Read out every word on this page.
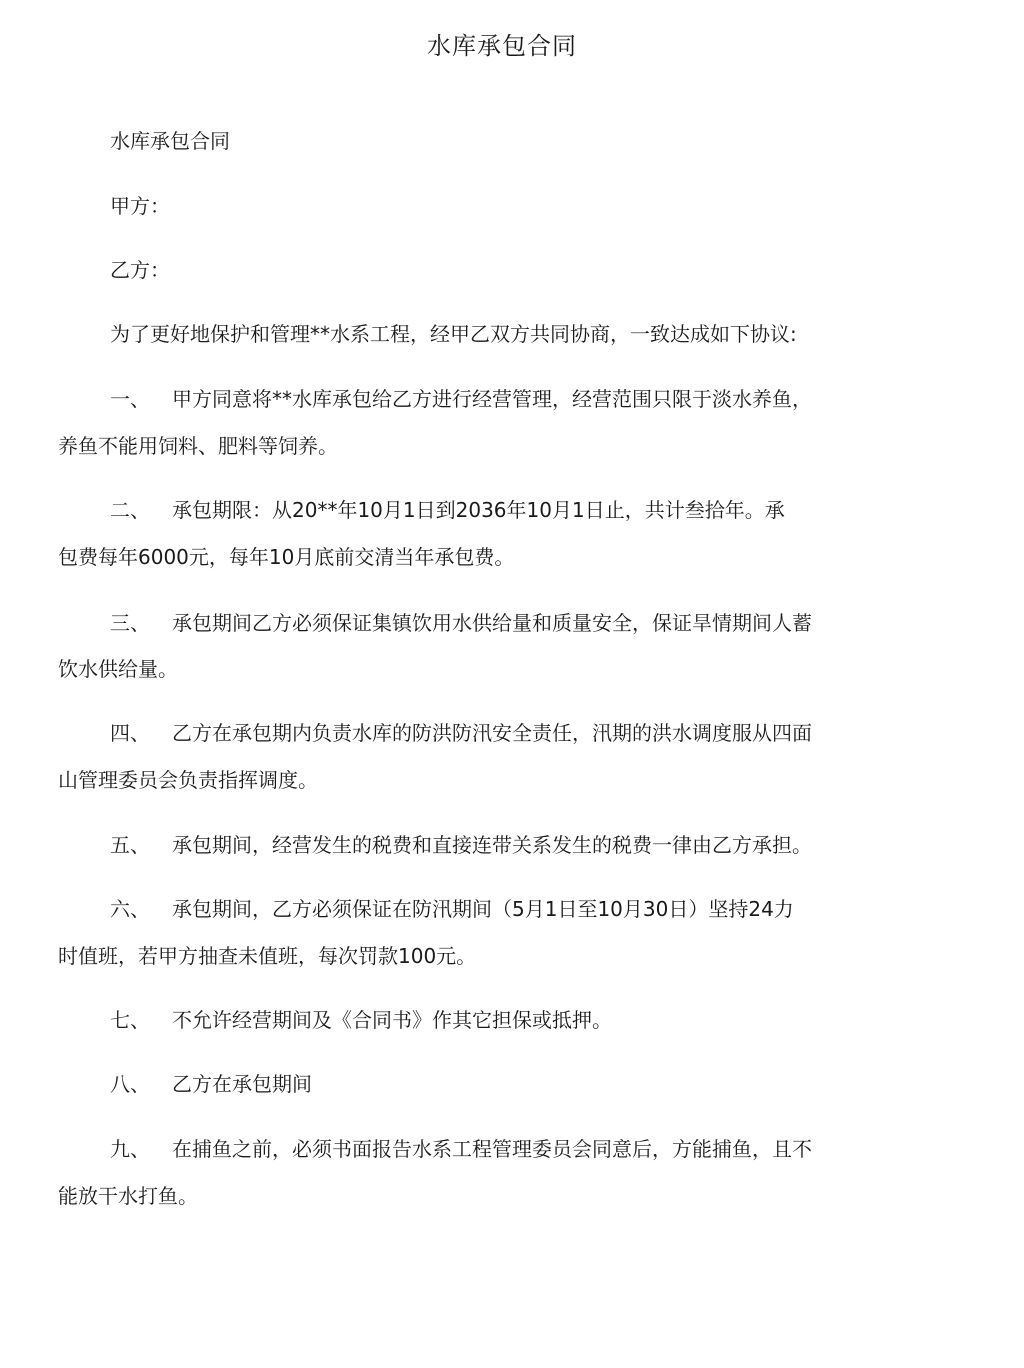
水库承包合同
水库承包合同
甲方：
乙方：
为了更好地保护和管理**水系工程，经甲乙双方共同协商，一致达成如下协议:
一、 甲方同意将**水库承包给乙方进行经营管理，经营范围只限于淡水养鱼，
养鱼不能用饲料、肥料等饲养。
二、 承包期限：从20**年10月1日到2036年10月1日止，共计叁拾年。承
包费每年6000元，每年10月底前交清当年承包费。
三、 承包期间乙方必须保证集镇饮用水供给量和质量安全，保证旱情期间人蓄
饮水供给量。
四、 乙方在承包期内负责水库的防洪防汛安全责任，汛期的洪水调度服从四面
山管理委员会负责指挥调度。
五、 承包期间，经营发生的税费和直接连带关系发生的税费一律由乙方承担。
六、 承包期间，乙方必须保证在防汛期间（5月1日至10月30日）坚持24力
时值班，若甲方抽查未值班，每次罚款100元。
七、 不允许经营期间及《合同书》作其它担保或抵押。
八、 乙方在承包期间
九、 在捕鱼之前，必须书面报告水系工程管理委员会同意后，方能捕鱼，且不
能放干水打鱼。
